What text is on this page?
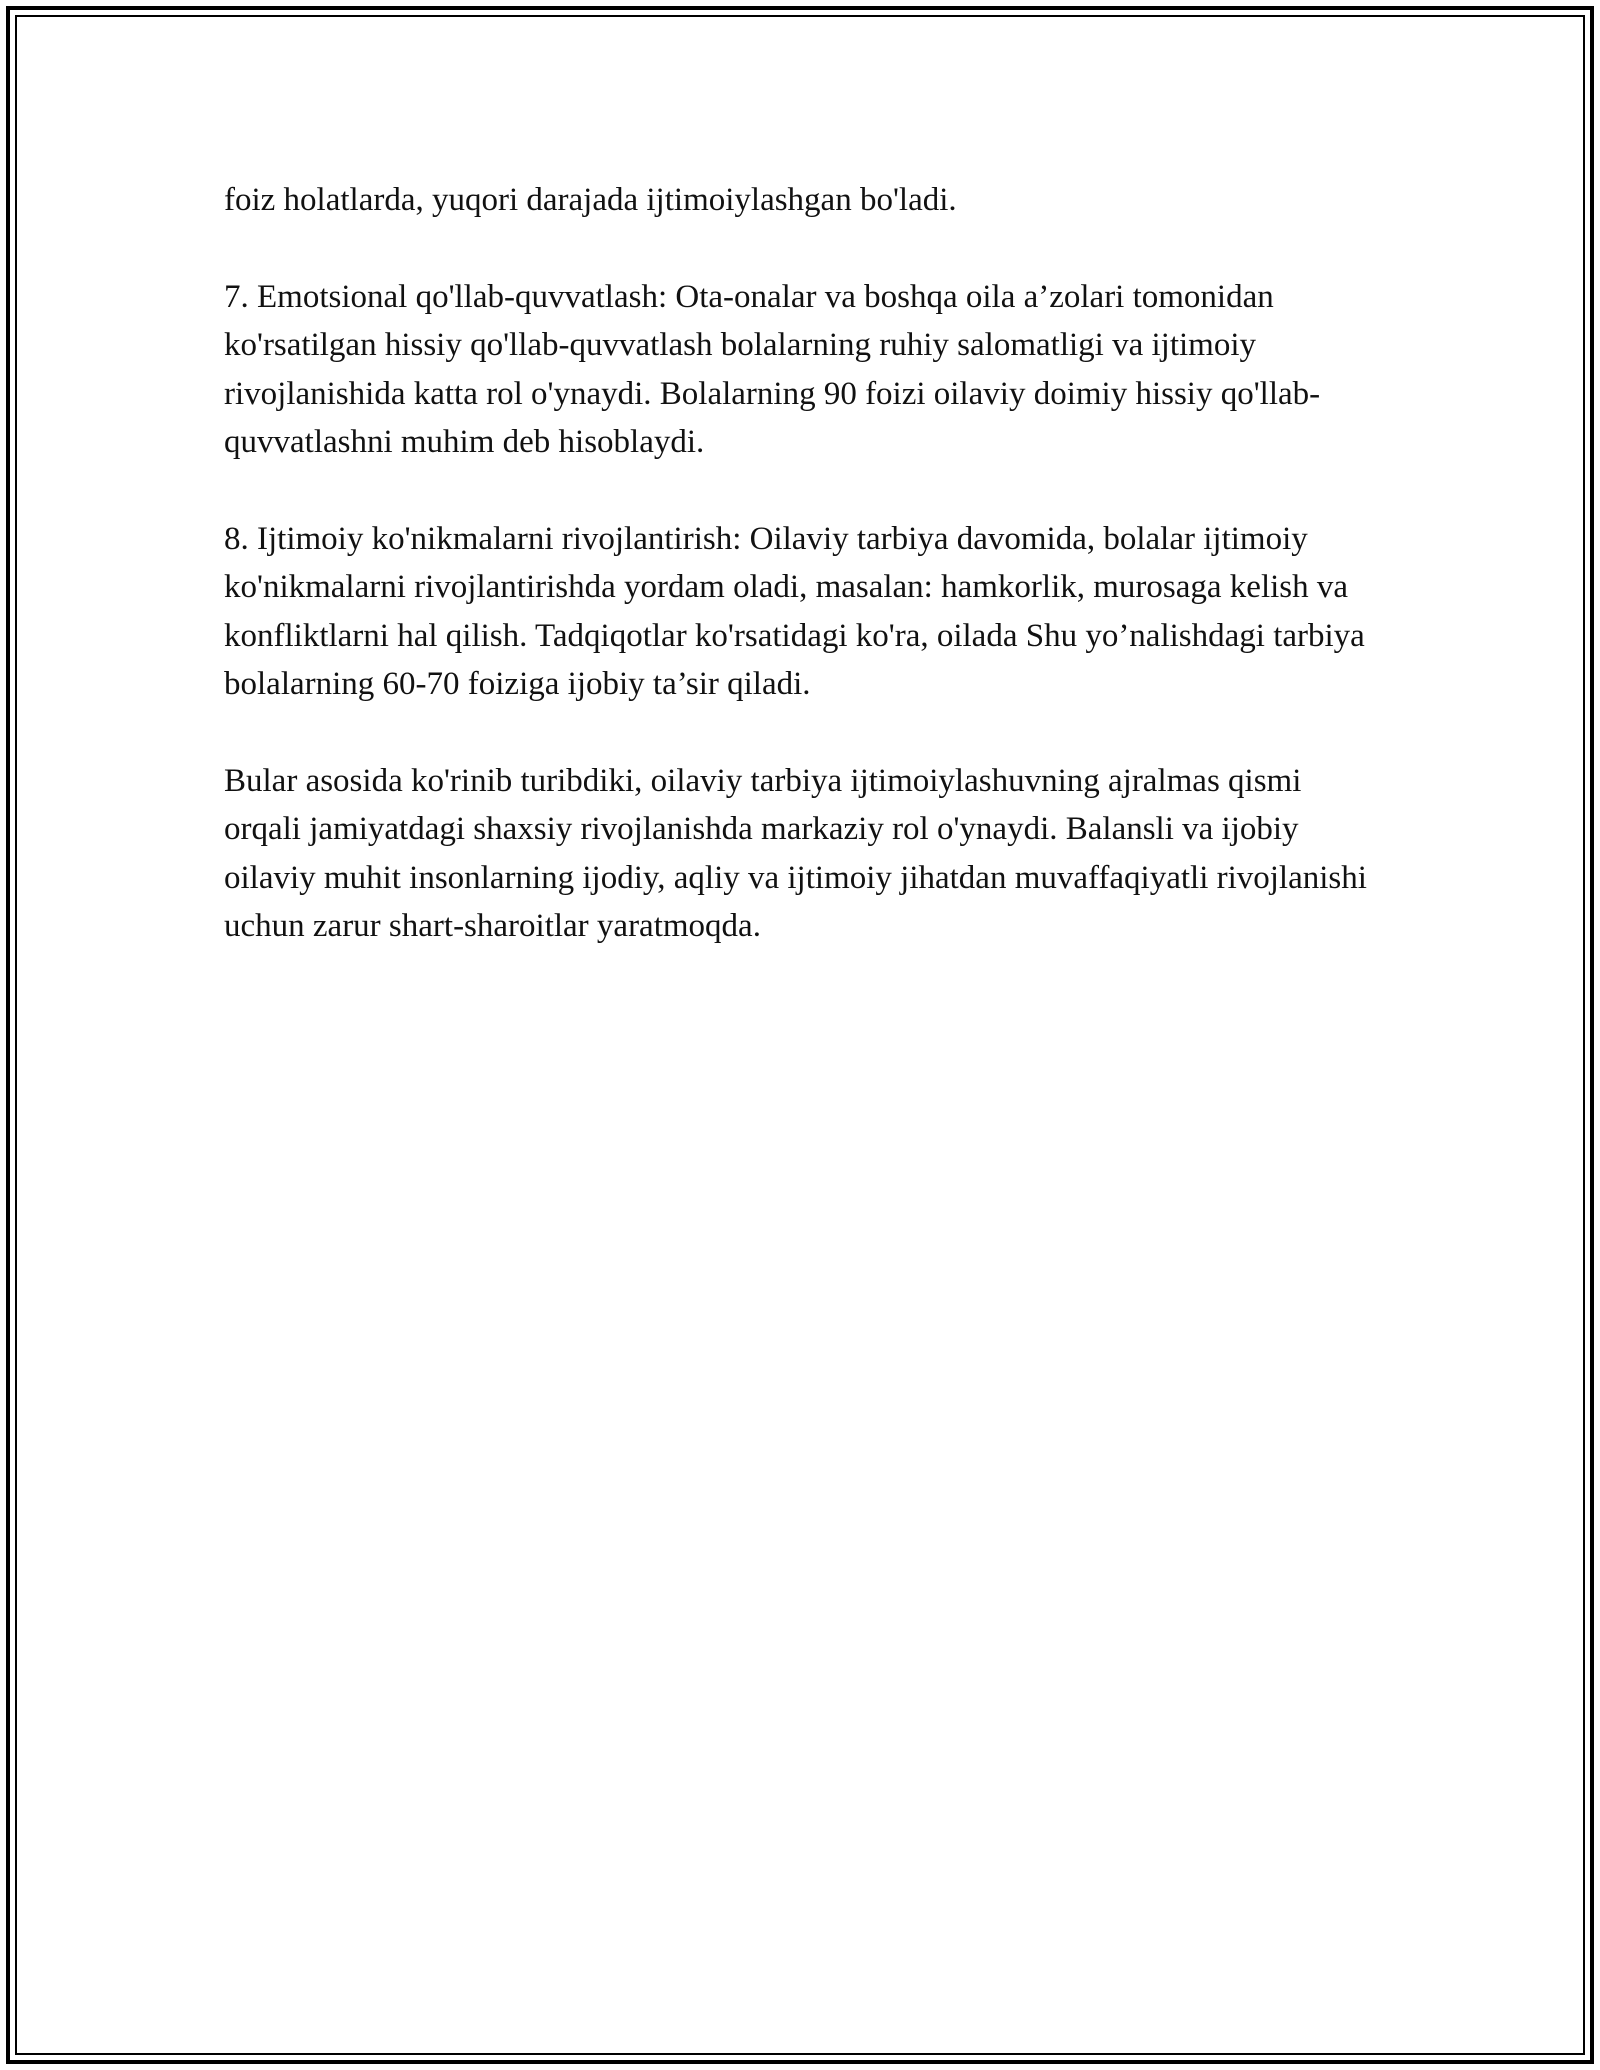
foiz holatlarda, yuqori darajada ijtimoiylashgan bo'ladi.

7. Emotsional qo'llab-quvvatlash: Ota-onalar va boshqa oila a’zolari tomonidan ko'rsatilgan hissiy qo'llab-quvvatlash bolalarning ruhiy salomatligi va ijtimoiy rivojlanishida katta rol o'ynaydi. Bolalarning 90 foizi oilaviy doimiy hissiy qo'llab-quvvatlashni muhim deb hisoblaydi.

8. Ijtimoiy ko'nikmalarni rivojlantirish: Oilaviy tarbiya davomida, bolalar ijtimoiy ko'nikmalarni rivojlantirishda yordam oladi, masalan: hamkorlik, murosaga kelish va konfliktlarni hal qilish. Tadqiqotlar ko'rsatidagi ko'ra, oilada Shu yo’nalishdagi tarbiya bolalarning 60-70 foiziga ijobiy ta’sir qiladi.

Bular asosida ko'rinib turibdiki, oilaviy tarbiya ijtimoiylashuvning ajralmas qismi orqali jamiyatdagi shaxsiy rivojlanishda markaziy rol o'ynaydi. Balansli va ijobiy oilaviy muhit insonlarning ijodiy, aqliy va ijtimoiy jihatdan muvaffaqiyatli rivojlanishi uchun zarur shart-sharoitlar yaratmoqda.
